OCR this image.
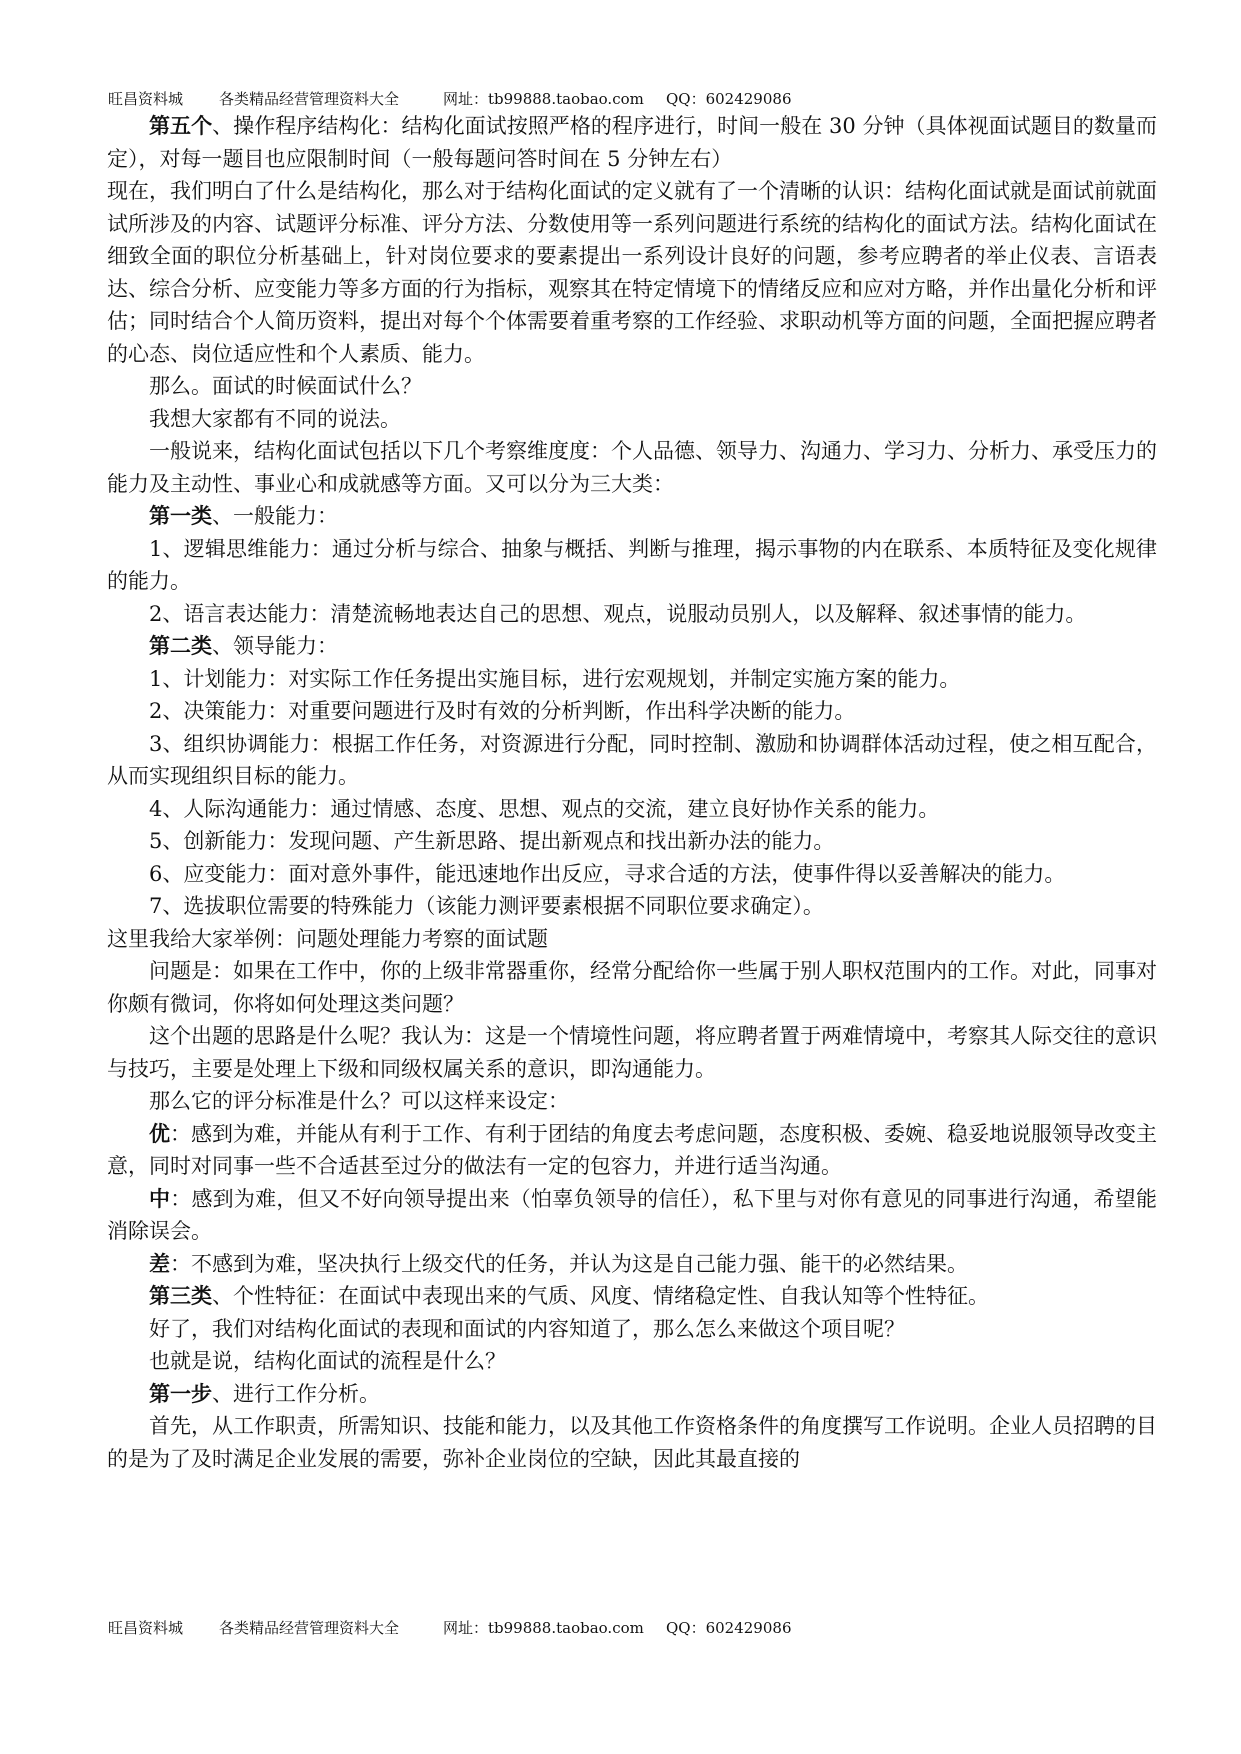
旺昌资料城 各类精品经营管理资料大全	网址：tb99888.taobao.com QQ：602429086

第五个、操作程序结构化：结构化面试按照严格的程序进行，时间一般在 30 分钟（具体视面试题目的数量而定），对每一题目也应限制时间（一般每题问答时间在 5 分钟左右）

现在，我们明白了什么是结构化，那么对于结构化面试的定义就有了一个清晰的认识：结构化面试就是面试前就面试所涉及的内容、试题评分标准、评分方法、分数使用等一系列问题进行系统的结构化的面试方法。结构化面试在细致全面的职位分析基础上，针对岗位要求的要素提出一系列设计良好的问题，参考应聘者的举止仪表、言语表达、综合分析、应变能力等多方面的行为指标，观察其在特定情境下的情绪反应和应对方略，并作出量化分析和评估；同时结合个人简历资料，提出对每个个体需要着重考察的工作经验、求职动机等方面的问题，全面把握应聘者的心态、岗位适应性和个人素质、能力。

那么。面试的时候面试什么？

我想大家都有不同的说法。

一般说来，结构化面试包括以下几个考察维度度：个人品德、领导力、沟通力、学习力、分析力、承受压力的能力及主动性、事业心和成就感等方面。又可以分为三大类：

第一类、一般能力：

1、逻辑思维能力：通过分析与综合、抽象与概括、判断与推理，揭示事物的内在联系、本质特征及变化规律的能力。

2、语言表达能力：清楚流畅地表达自己的思想、观点，说服动员别人，以及解释、叙述事情的能力。

第二类、领导能力：

1、计划能力：对实际工作任务提出实施目标，进行宏观规划，并制定实施方案的能力。

2、决策能力：对重要问题进行及时有效的分析判断，作出科学决断的能力。

3、组织协调能力：根据工作任务，对资源进行分配，同时控制、激励和协调群体活动过程，使之相互配合，从而实现组织目标的能力。

4、人际沟通能力：通过情感、态度、思想、观点的交流，建立良好协作关系的能力。

5、创新能力：发现问题、产生新思路、提出新观点和找出新办法的能力。

6、应变能力：面对意外事件，能迅速地作出反应，寻求合适的方法，使事件得以妥善解决的能力。

7、选拔职位需要的特殊能力（该能力测评要素根据不同职位要求确定）。

这里我给大家举例：问题处理能力考察的面试题

问题是：如果在工作中，你的上级非常器重你，经常分配给你一些属于别人职权范围内的工作。对此，同事对你颇有微词，你将如何处理这类问题？

这个出题的思路是什么呢？我认为：这是一个情境性问题，将应聘者置于两难情境中，考察其人际交往的意识与技巧，主要是处理上下级和同级权属关系的意识，即沟通能力。

那么它的评分标准是什么？可以这样来设定：

优：感到为难，并能从有利于工作、有利于团结的角度去考虑问题，态度积极、委婉、稳妥地说服领导改变主意，同时对同事一些不合适甚至过分的做法有一定的包容力，并进行适当沟通。

中：感到为难，但又不好向领导提出来（怕辜负领导的信任），私下里与对你有意见的同事进行沟通，希望能消除误会。

差：不感到为难，坚决执行上级交代的任务，并认为这是自己能力强、能干的必然结果。

第三类、个性特征：在面试中表现出来的气质、风度、情绪稳定性、自我认知等个性特征。

好了，我们对结构化面试的表现和面试的内容知道了，那么怎么来做这个项目呢？

也就是说，结构化面试的流程是什么？

第一步、进行工作分析。

首先，从工作职责，所需知识、技能和能力，以及其他工作资格条件的角度撰写工作说明。企业人员招聘的目的是为了及时满足企业发展的需要，弥补企业岗位的空缺，因此其最直接的

旺昌资料城 各类精品经营管理资料大全	网址：tb99888.taobao.com QQ：602429086
